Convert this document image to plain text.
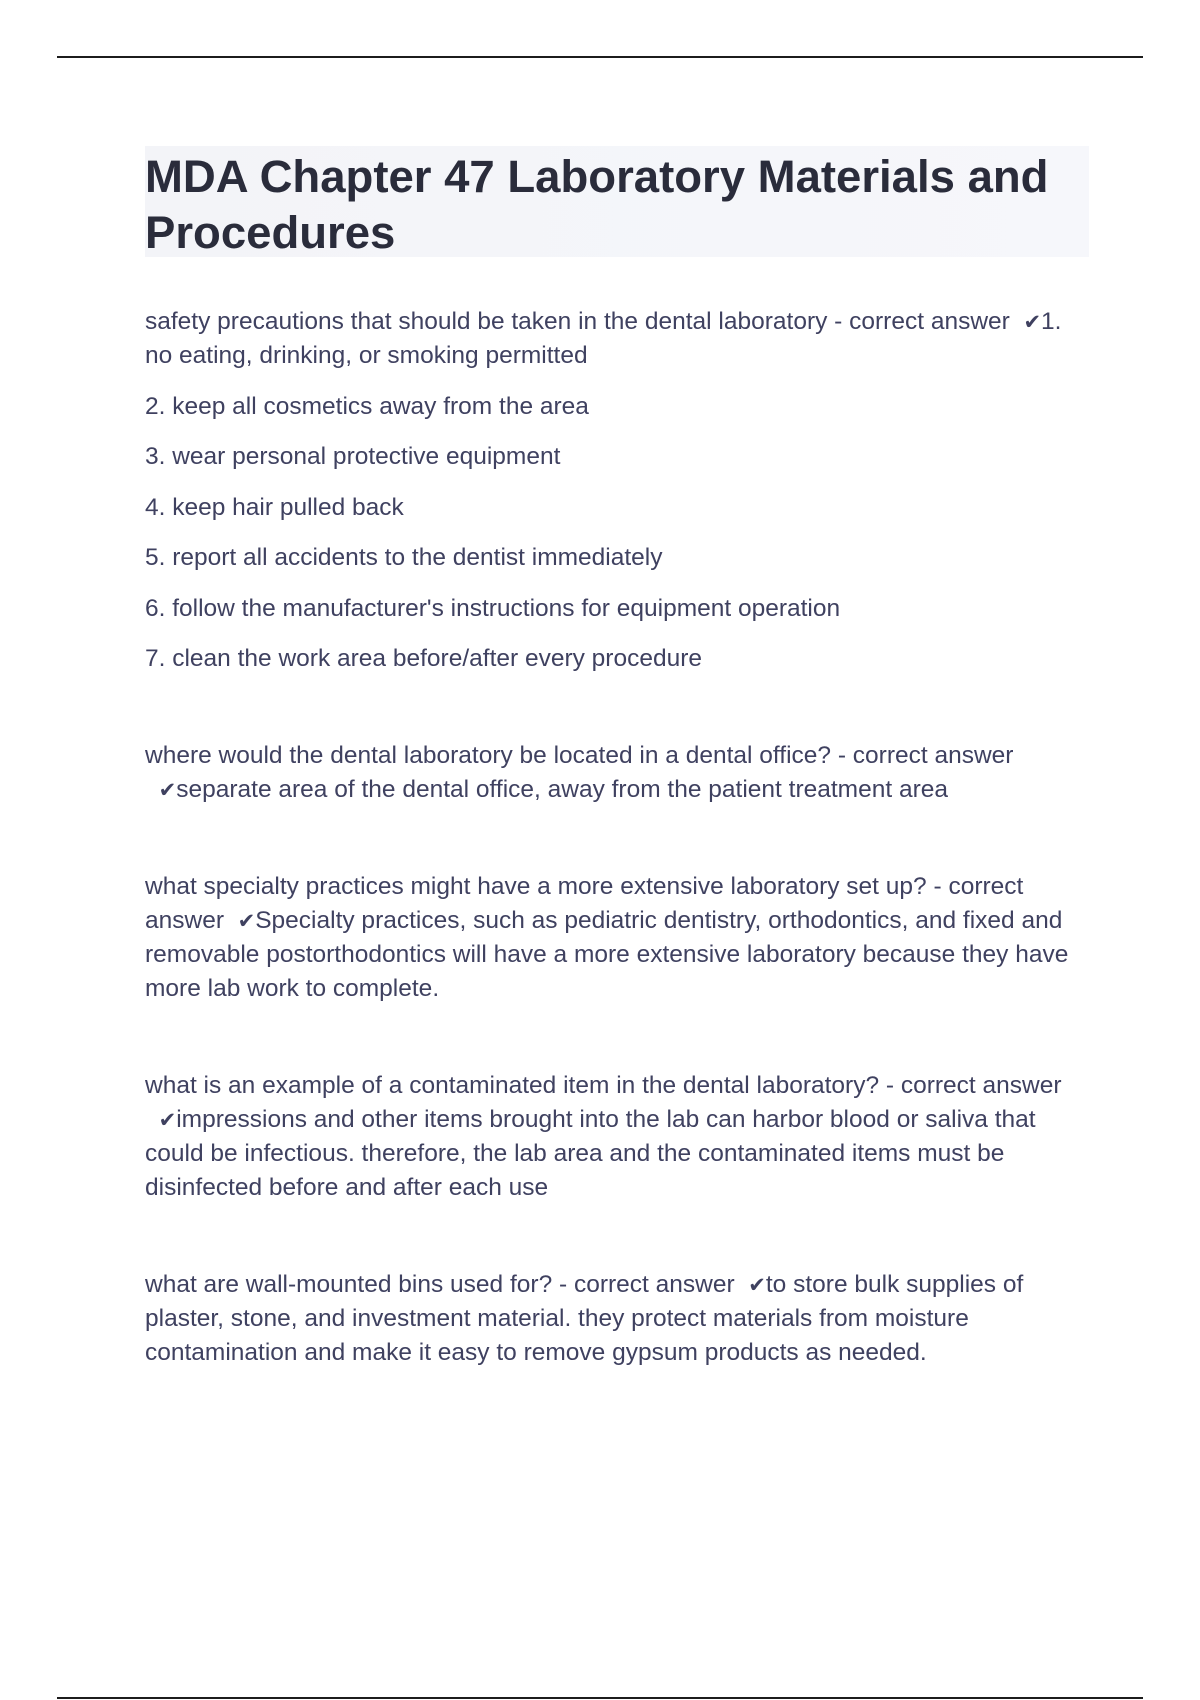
MDA Chapter 47 Laboratory Materials and Procedures

safety precautions that should be taken in the dental laboratory - correct answer ✔1. no eating, drinking, or smoking permitted

2. keep all cosmetics away from the area

3. wear personal protective equipment

4. keep hair pulled back

5. report all accidents to the dentist immediately

6. follow the manufacturer's instructions for equipment operation

7. clean the work area before/after every procedure

where would the dental laboratory be located in a dental office? - correct answer  ✔separate area of the dental office, away from the patient treatment area

what specialty practices might have a more extensive laboratory set up? - correct answer ✔Specialty practices, such as pediatric dentistry, orthodontics, and fixed and removable postorthodontics will have a more extensive laboratory because they have more lab work to complete.

what is an example of a contaminated item in the dental laboratory? - correct answer  ✔impressions and other items brought into the lab can harbor blood or saliva that could be infectious. therefore, the lab area and the contaminated items must be disinfected before and after each use

what are wall-mounted bins used for? - correct answer ✔to store bulk supplies of plaster, stone, and investment material. they protect materials from moisture contamination and make it easy to remove gypsum products as needed.
